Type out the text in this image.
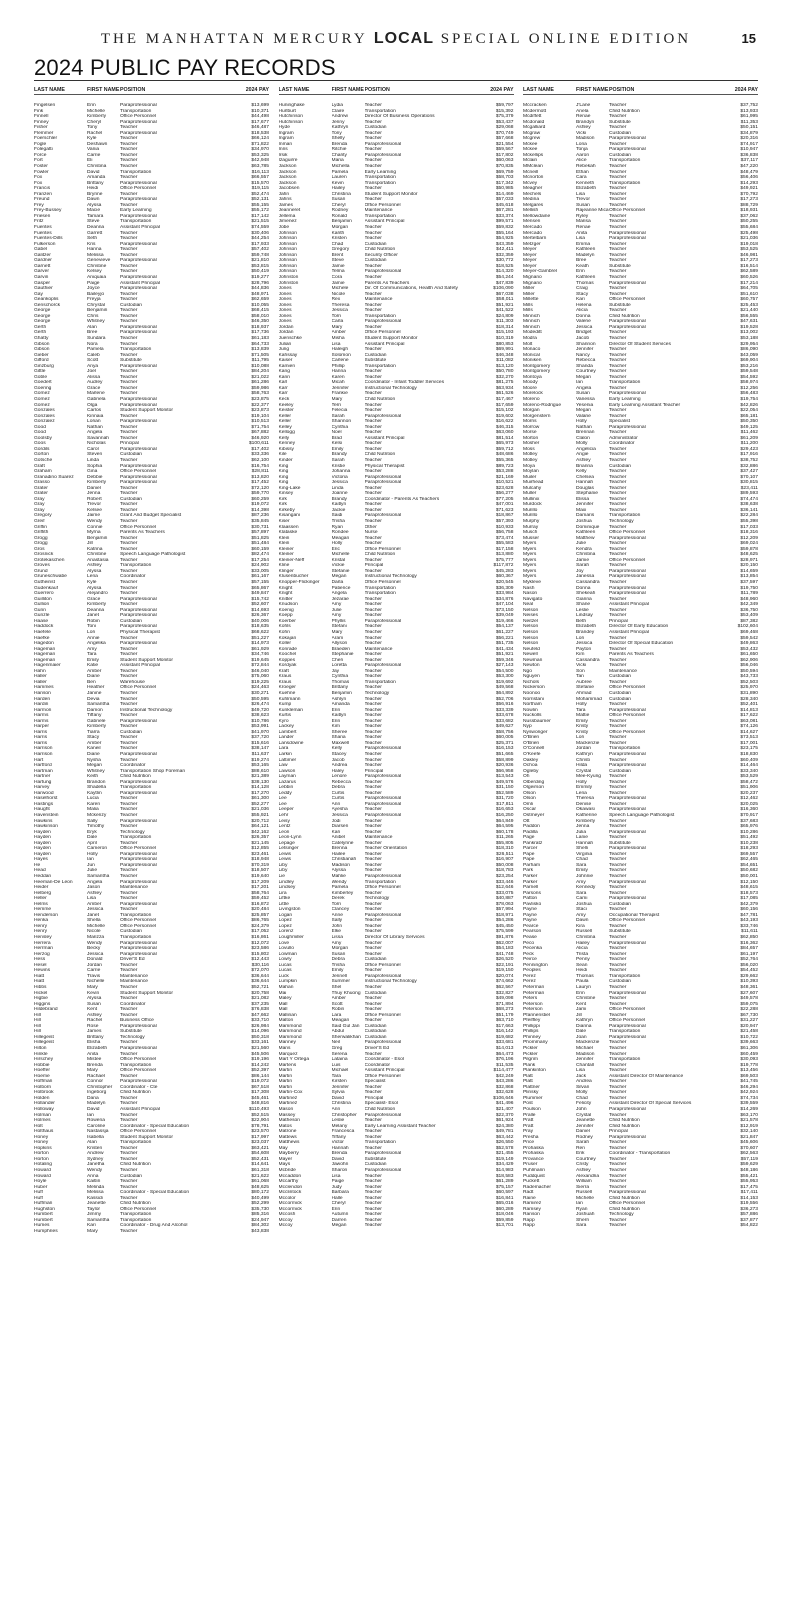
THE MANHATTAN MERCURY LOCAL SPECIAL ONLINE EDITION	15
2024 PUBLIC PAY RECORDS
LAST NAME	FIRST NAME POSITION	2024 PAY
Fingelsen	Erin	Paraprofessional	$13,699
Fink	Michelle	Transportation	$10,371
Finnell	Kimberly	Office Personnel	$44,498
Finney	Cheryl	Paraprofessional	$17,677
Fisher	Tony	Teacher	$46,487
Flemmer	Rachel	Paraprofessional	$18,538
Foerschler	Kyle	Teacher	$66,124
Fogle	Deshawn	Teacher	$71,822
Folegatti	Vania	Teacher	$34,970
Force	Carrie	Teacher	$53,325
Fort	Eli	Teacher	$42,948
Foster	Christina	Teacher	$63,785
Fowler	David	Transportation	$16,113
Fox	Amanda	Teacher	$66,557
Fox	Brittany	Paraprofessional	$15,570
Francis	Heidi	Office Personnel	$19,115
Franzen	Brynne	Teacher	$52,474
Freund	Dawn	Paraprofessional	$52,131
Frey	Alyssa	Teacher	$55,155
Frey-Bussey	Macie	Early Learning	$55,172
Friesen	Tamara	Paraprofessional	$17,142
Fritz	Steve	Transportation	$21,515
Fuentes	Deanna	Assistant Principal	$74,559
Fuentes	Garrett	Teacher	$30,406
Fuentes-Dills	Seth	Teacher	$44,254
Fulkerson	Kris	Paraprofessional	$17,933
Gabel	Hanna	Teacher	$57,402
Galitzer	Melissa	Teacher	$59,748
Gardner	Genevieve	Paraprofessional	$21,810
Garnett	Christine	Teacher	$53,815
Garver	Kelsey	Teacher	$50,419
Garvin	Aniquaia	Paraprofessional	$19,277
Gasper	Paige	Assistant Principal	$28,796
Gauthier	Joyce	Paraprofessional	$44,836
Gay	Baileyjo	Teacher	$48,971
Geankoplis	Freyja	Teacher	$62,659
Genschorck	Chrystal	Custodian	$10,055
George	Benjamin	Teacher	$68,415
George	Chris	Teacher	$58,010
George	Whitney	Teacher	$46,350
Gerth	Alan	Paraprofessional	$18,937
Gerth	Bree	Paraprofessional	$17,736
Ghatty	Sundara	Teacher	$61,183
Gibson	Nora	Teacher	$64,733
Gibson	Pamela	Transportation	$13,839
Gieber	Caleb	Teacher	$71,505
Gifford	Scott	Substitute	$11,795
Ginzburg	Anya	Paraprofessional	$10,088
Gittle	Joel	Teacher	$84,204
Goble	Alissa	Teacher	$21,022
Goedert	Audrey	Teacher	$61,286
Goering	Grace	Teacher	$59,986
Gomez	Marlene	Teacher	$58,763
Gomez	Gabriela	Paraprofessional	$23,875
Gomez	Olga	Paraprofessional	$22,377
Gonzales	Carlos	Student Support Monitor	$23,873
Gonzales	Kinnaia	Teacher	$19,104
Gonzalez	Lorian	Paraprofessional	$10,513
Good	Nathan	Teacher	$71,754
Good	Angela	Teacher	$67,882
Goolsby	Savannah	Teacher	$46,920
Goos	Nicholas	Principal	$100,611
Gordils	Carol	Paraprofessional	$17,402
Gorton	Steven	Custodian	$33,336
Gotsche	Linda	Teacher	$62,100
Graft	Sophia	Paraprofessional	$16,754
Graham	Gina	Office Personnel	$28,811
Granadino Suarez	Debbie	Paraprofessional	$13,820
Grasso	Kimberly	Paraprofessional	$17,452
Grater	Daniel	Teacher	$72,120
Grater	Jenna	Teacher	$59,770
Gray	Robert	Custodian	$60,259
Gray	Trevor	Teacher	$19,072
Gray	Kelsee	Teacher	$14,398
Gregory	Jaime	Grant And Budget Specialist	$87,236
Greif	Wendy	Teacher	$35,845
Griffin	Connie	Office Personnel	$30,731
Griffith	Myrna	Parents As Teachers	$57,897
Grogg	Benjamin	Teacher	$51,825
Grogg	Jill	Teacher	$51,484
Gros	Katrina	Teacher	$60,159
Grosnick	Christine	Speech Language Pathologist	$82,474
Grotekaschen	Anastasia	Teacher	$17,254
Groves	Ashley	Transportation	$24,902
Grund	Alyssa	Teacher	$33,005
Gruneschwabe	Lena	Coordinator	$61,167
Gutheinst	Kyle	Teacher	$57,155
Gudenkauf	Alyssa	Teacher	$65,867
Guerrero	Alejandro	Teacher	$49,847
Guilliton	Grace	Paraprofessional	$15,742
Gullion	Kimberly	Teacher	$52,607
Gunn	Deanna	Paraprofessional	$14,693
Gunzle	Janet	Paraprofessional	$26,367
Haase	Robin	Custodian	$40,006
Haddock	Toni	Paraprofessional	$18,635
Haefele	Lori	Physical Therapist	$68,622
Haefke	Annie	Teacher	$51,227
Hagedon	Angelika	Paraprofessional	$14,973
Hageman	Amy	Teacher	$61,929
Hageman	Tara	Teacher	$34,746
Hageman	Emily	Student Support Monitor	$19,645
Hagenmaier	Katie	Assistant Principal	$72,844
Hahn	Amber	Teacher	$46,040
Haller	Diane	Teacher	$75,060
Haller	Ben	Warehouse	$19,225
Hammes	Heather	Office Personnel	$24,463
Hanson	Janine	Teacher	$30,271
Harden	Devia	Teacher	$50,595
Hardin	Samantha	Teacher	$26,474
Harmon	Damon	Instructional Technology	$49,720
Harms	Tiffany	Teacher	$38,623
Harms	Gabriele	Paraprofessional	$10,786
Harper	Kimberly	Teacher	$53,991
Harris	Tiarra	Custodian	$41,970
Harris	Stacy	Teacher	$37,720
Harris	Amber	Teacher	$15,616
Harrison	Kaneil	Teacher	$38,147
Harrison	Diane	Paraprofessional	$11,637
Hart	Nysha	Teacher	$19,274
Hartford	Megan	Coordinator	$53,165
Hartman	Whitney	Transportation Shop Foreman	$88,610
Hartner	Keith	Child Nutrition	$21,389
Hartung	Brandon	Paraprofessional	$38,130
Harvey	Shadella	Transportation	$14,128
Harwood	Kaytlin	Paraprofessional	$17,270
Haselhorst	Lucia	Teacher	$61,300
Hastings	Karen	Teacher	$52,277
Haught	Malia	Teacher	$21,036
Havenstein	Mckenzy	Teacher	$55,921
Hawkins	Sally	Paraprofessional	$20,712
Hawkinson	Timothy	Teacher	$64,121
Hayden	Eryk	Technology	$42,162
Hayden	Dale	Transportation	$26,357
Hayden	April	Teacher	$21,145
Hayden	Cameron	Office Personnel	$12,855
Hayden	Holly	Paraprofessional	$23,461
Hayes	Ian	Paraprofessional	$18,948
He	Jun	Paraprofessional	$70,319
Head	Julie	Teacher	$18,507
Heddan	Samantha	Teacher	$19,640
Heeman-De Leon	Angela	Paraprofessional	$17,209
Heider	Jason	Maintenance	$17,201
Helberg	Ashley	Teacher	$58,764
Heller	Lisa	Teacher	$59,452
Helms	Amber	Paraprofessional	$16,872
Hemme	Jessica	Teacher	$20,484
Henderson	Janet	Transportation	$25,857
Henka	Shella	Office Personnel	$86,765
Henry	Michelle	Office Personnel	$24,379
Henry	Nicole	Custodian	$17,052
Hensley	Marizza	Transportation	$16,861
Herrera	Wendy	Paraprofessional	$12,072
Herrman	Becky	Paraprofessional	$23,586
Herzog	Jessica	Paraprofessional	$15,802
Hess	Donald	Driver'S Ed	$12,443
Hesel	Jordan	Teacher	$30,116
Hewins	Carrie	Teacher	$72,070
Hiatt	Travis	Maintenance	$36,644
Hiatt	Nichelle	Maintenance	$36,644
Hibbs	Mary	Teacher	$52,721
Hickel	Kevin	Student Support Monitor	$20,758
Higbie	Alyssa	Teacher	$21,082
Higgins	Susan	Coordinator	$37,235
Hildebrand	Kent	Teacher	$76,838
Hill	Ashley	Teacher	$47,662
Hill	Rachel	Business Office	$33,710
Hill	Rose	Paraprofessional	$26,984
Hill	James	Substitute	$14,096
Hillegeist	Brittany	Technology	$50,318
Hillegeist	Elisha	Teacher	$33,161
Hilton	Elizabeth	Paraprofessional	$21,560
Hinkle	Anita	Teacher	$45,506
Hirschey	Mistee	Office Personnel	$19,196
Hobbie	Brenda	Transportation	$14,242
Hoeffer	Mary	Office Personnel	$52,397
Hoeme	Rachael	Teacher	$86,144
Hoffman	Connor	Paraprofessional	$19,072
Holborn	Christopher	Coordinator - Cte	$67,518
Holbrook	Ingeborg	Child Nutrition	$17,308
Holden	Dana	Teacher	$45,461
Hollander	Madelyn	Teacher	$48,816
Holloway	David	Assistant Principal	$110,493
Holman	Ian	Teacher	$52,515
Holmes	Rowena	Teacher	$22,904
Holt	Caroline	Coordinator - Special Education	$78,791
Holthaus	Nastassja	Office Personnel	$23,570
Honey	Isabella	Student Support Monitor	$17,997
Honey	Alan	Transportation	$23,037
Hopkins	Kristen	Teacher	$63,421
Horton	Andrew	Teacher	$54,608
Horton	Sydney	Teacher	$52,431
Hotaling	Janetha	Child Nutrition	$14,641
Howard	Wendy	Teacher	$61,318
Howard	Anna	Custodian	$21,622
Hoyle	Kaitlin	Teacher	$61,068
Huber	Melinda	Teacher	$48,625
Huff	Melissa	Coordinator - Special Education	$80,172
Huff	Kassidi	Teacher	$40,499
Huffman	Jeanette	Child Nutrition	$52,299
Hughston	Taylor	Office Personnel	$35,730
Humbert	Jimmy	Transportation	$85,316
Humbert	Samantha	Transportation	$24,947
Humes	Kari	Coordinator - Drug And Alcohol	$84,302
Humphries	Mary	Teacher	$43,838
LAST NAME	FIRST NAME POSITION	2024 PAY
Huninghake	Lydia	Teacher	$59,797
Hurlburt	Claire	Transportation	$15,392
Hutchinson	Andrew	Director Of Business Operations	$75,379
Hutchinson	Jenny	Teacher	$53,437
Hyde	Kathryn	Custodian	$29,068
Ingram	Tony	Teacher	$70,749
Ingram	Shelly	Teacher	$57,668
Inman	Brenda	Paraprofessional	$21,554
Inns	Ritchie	Teacher	$59,567
Irsik	Charity	Paraprofessional	$17,802
Izaguirre	Maria	Teacher	$60,063
Jackson	Michella	Teacher	$70,835
Jackson	Pamela	Early Learning	$69,759
Jackson	Lauren	Transportation	$58,703
Jackson	Kevin	Transportation	$17,342
Jacobsen	Hailey	Teacher	$50,985
Jahn	Christina	Student Support Monitor	$14,469
Jahns	Susan	Teacher	$57,033
James	Cheryl	Office Personnel	$45,618
Jeanneret	Rodney	Maintenance	$67,281
Jellema	Ronald	Transportation	$33,374
Jimenez	Benjamin	Assistant Principal	$99,571
Jobe	Morgan	Teacher	$59,832
Johnson	Karith	Teacher	$55,164
Johnson	Kristen	Teacher	$54,925
Johnson	Chad	Custodian	$43,359
Johnson	Gregory	Child Nutrition	$42,411
Johnson	Brent	Security Officer	$32,359
Johnson	Steve	Custodian	$30,772
Johnson	Jamie	Teacher	$18,525
Johnson	Telma	Paraprofessional	$14,320
Johnston	Cora	Teacher	$54,244
Johnston	Jamie	Parents As Teachers	$47,839
Jones	Michele	Dir. Of Communications, Health And Safety	$106,090
Jones	Nicole	Teacher	$67,038
Jones	Rex	Maintenance	$58,011
Jones	Theresa	Teacher	$51,921
Jones	Jessica	Teacher	$41,522
Jones	Torri	Transportation	$24,809
Jones	Carla	Paraprofessional	$11,303
Jordan	Mary	Teacher	$18,314
Jordan	Amber	Office Personnel	$15,193
Juenschke	Misha	Student Support Monitor	$10,319
Julian	Lisa	Assistant Principal	$80,853
Jung	Haleigh	Teacher	$69,991
Kahssay	Solomon	Custodian	$46,348
Kaiser	Carlene	Substitute	$11,082
Kamien	Phillip	Transportation	$13,120
Kang	Hanna	Teacher	$50,780
Kann	Karen	Teacher	$32,270
Karl	Micah	Coordinator - Infant Toddler Services	$81,275
Karr	Jennifer	Instructional Technology	$63,934
Karr	Frankie	Teacher	$61,526
Keck	Mary	Child Nutrition	$17,467
Keeley	Terri	Teacher	$17,659
Keister	Felecia	Teacher	$15,102
Keller	Sarah	Paraprofessional	$19,602
Keller	Shannon	Teacher	$16,622
Kelley	Cynthia	Teacher	$46,315
Kellogg	Noel	Teacher	$63,060
Kelly	Brad	Assistant Principal	$81,514
Kenney	Kelsi	Teacher	$65,973
Kibissy	Emily	Teacher	$59,712
Kile	Brandy	Child Nutrition	$48,686
Kinder	Sarah	Teacher	$55,365
King	Kristie	Physical Therapist	$89,723
King	Johanna	Teacher	$53,288
King	Victoria	Paraprofessional	$21,169
King	Jessica	Paraprofessional	$10,521
King-Lake	Linda	Teacher	$23,628
Kinsey	Joanne	Teacher	$56,277
Kirk	Brandy	Coordinator - Parents As Teachers	$77,205
Kirk	Kaitlyn	Teacher	$47,001
Kirkeby	Jackie	Teacher	$71,623
Kisangani	Saidi	Paraprofessional	$18,867
Kiser	Trisha	Teacher	$57,393
Klaassen	Ryan	Other	$10,933
Klataske	Rondee	Nurse	$56,758
Klein	Meagan	Teacher	$73,474
Klein	Holly	Teacher	$55,583
Kleiner	Eric	Office Personnel	$17,158
Kleiner	Michelle	Child Nutrition	$13,880
Kleiner-Neff	Kristal	Teacher	$75,777
Kline	Vickie	Principal	$117,872
Klinger	Stefanie	Teacher	$45,283
Klusenbucher	Megan	Instructional Technology	$60,367
Knopper-Flickinger	Darla	Office Personnel	$20,545
Knight	Patience	Transportation	$36,309
Knight	Angela	Transportation	$33,984
Knitter	Jezarae	Teacher	$34,876
Knudson	Amy	Teacher	$47,104
Koenig	Julie	Teacher	$73,150
Koepp	Amy	Teacher	$39,049
Koerber	Phyllis	Paraprofessional	$19,466
Kohls	Stefani	Teacher	$54,137
Kohn	Mary	Teacher	$61,227
Kokajan	Aram	Teacher	$56,221
Koller	Allyson	Teacher	$51,735
Konrade	Braeden	Maintenance	$41,434
Koochel	Stephanie	Teacher	$51,921
Koppes	Cheri	Teacher	$59,346
Kordyak	Loretta	Paraprofessional	$27,143
Kraft	Jay	Teacher	$54,500
Kraus	Cynthia	Teacher	$53,300
Kraus	Thomas	Transportation	$19,692
Kroeger	Brittany	Teacher	$49,568
Kuehne	Benjamin	Technology	$64,892
Kuhlmann	Ashlyn	Teacher	$52,706
Kump	Amanda	Teacher	$56,916
Kunkleman	Erin	Teacher	$33,339
Kurtis	Kaitlyn	Teacher	$33,678
Kyro	Erin	Teacher	$33,682
Lackey	Kim	Teacher	$49,627
Lambert	Sheree	Teacher	$58,756
Lander	Shana	Teacher	$60,005
Lansdowne	Maxwell	Teacher	$25,371
Lara	Kelly	Paraprofessional	$16,153
Larkin	Stacey	Teacher	$51,665
Lattimer	Jacob	Teacher	$58,899
Law	Andrea	Teacher	$20,936
Lawson	Haley	Principal	$66,958
Layman	Lenore	Paraprofessional	$13,543
Lazarus	Rebecca	Teacher	$49,576
Lebbin	Debra	Teacher	$31,150
Leddy	Curtis	Teacher	$52,589
Lee	Curtis	Paraprofessional	$31,720
Lee	Ann	Paraprofessional	$17,811
Leeper	Ayesha	Teacher	$16,653
Lehr	Jessica	Paraprofessional	$16,250
Leisy	Jodi	Teacher	$64,849
Lentz	Diarsen	Teacher	$64,595
Leon	Kari	Teacher	$60,178
Leon-Lynn	Anibel	Maintenance	$11,265
Lepage	Catelynne	Teacher	$55,805
Letsinger	Brenna	Teacher Orientation	$18,310
Lewis	Hailee	Teacher	$26,511
Lewis	Christianah	Teacher	$16,907
Liby	Madison	Teacher	$50,008
Liby	Alyssa	Teacher	$18,783
Lie	Mahlie	Paraprofessional	$23,254
Lindley	Wendy	Transportation	$33,446
Lindsey	Pamela	Office Personnel	$12,646
Lira	Kimberley	Teacher	$33,075
Liftke	Derek	Technology	$40,887
Little	Torri	Teacher	$78,063
Livingston	Clancey	Teacher	$57,994
Logan	Anne	Paraprofessional	$18,971
Lopez	Sally	Teacher	$54,286
Lopez	John	Teacher	$45,450
Lorenz	Elke	Teacher	$75,599
Loughmiller	Lissa	Director Of Library Services	$91,876
Love	Amy	Teacher	$62,007
Lovullo	Morgan	Teacher	$54,183
Lowman	Susan	Teacher	$41,748
Lowry	Debra	Custodian	$26,520
Lucas	Trisha	Office Personnel	$22,191
Lucas	Emily	Teacher	$19,150
Luck	Jennell	Paraprofessional	$20,074
Lumpkin	Summer	Instructional Technology	$74,662
Mahan	Shel	Teacher	$62,567
Mai	Thuy Khuong Custodian	$32,827
Maley	Amber	Teacher	$49,098
Mall	Scott	Teacher	$71,894
Mall	Robin	Teacher	$68,273
Mallinan	Lara	Office Personnel	$51,179
Malton	Meagan	Teacher	$63,710
Mammond	Said Gul Jan	Custodian	$17,663
Mammond	Abdul	Custodian	$16,142
Mammond	Sherwalikhan Custodian	$19,682
Manney	Neil	Paraprofessional	$33,681
Mans	Greg	Driver'S Ed	$14,013
Marquez	Serena	Teacher	$64,473
Mart Y Ortega	Lataina	Coordinator - Esol	$76,196
Martens	Luis	Coordinator	$11,535
Martin	Michael	Assistant Principal	$114,477
Martin	Tara	Office Personnel	$42,249
Martin	Kirsten	Specialist	$43,286
Martin	Jennifer	Teacher	$32,868
Martin-Cox	Sylvia	Teacher	$32,628
Martinez	David	Principal	$106,646
Martinez	Christina	Specialist- Esol	$41,496
Mason	Ann	Child Nutrition	$21,407
Massey	Christopher	Paraprofessional	$22,370
Matheson	Leslie	Teacher	$61,924
Matos	Melany	Early Learning Assistant Teacher	$24,380
Matrone	Francesca	Teacher	$49,781
Mattews	Tiffany	Teacher	$63,442
Matthews	Victor	Transportation	$26,550
May	Hannah	Teacher	$52,578
Mayberry	Brenda	Paraprofessional	$21,455
Mayer	David	Substitute	$19,149
Mays	Jawohn	Custodian	$34,429
Mcbride	Sharon	Paraprofessional	$14,983
Mccaddon	Lisa	Teacher	$18,583
Mccarthy	Paige	Teacher	$61,289
Mcclendon	Judy	Teacher	$75,157
Mcclintock	Barbara	Teacher	$60,597
Mccolor	Halle	Teacher	$16,841
Mccormick	Cheryl	Teacher	$65,016
Mccormick	Erin	Teacher	$60,289
Mccosh	Autumn	Teacher	$18,046
Mccoy	Darren	Teacher	$59,859
Mccoy	Megan	Teacher	$13,701
LAST NAME	FIRST NAME POSITION	2024 PAY
Mccracken	J'Lane	Teacher	$37,752
Mcdermott	Anela	Child Nutrition	$13,933
Mcdiffett	Renae	Teacher	$61,995
Mcdonald	Brandyn	Substitute	$11,353
Mcgalliard	Ashley	Teacher	$50,151
Mcgraw	Vicki	Custodian	$34,879
Mcgrew	Madison	Paraprofessional	$20,316
Mckee	Lona	Teacher	$74,917
Mckee	Tonja	Paraprofessional	$10,947
Mckellips	Aaron	Custodian	$36,838
Mclain	Alice	Transportation	$37,117
MMclean	Rebekah	Teacher	$47,220
Mcneill	Ethan	Teacher	$48,479
Mcnorton	Cara	Teacher	$56,406
Mcvey	Kenneth	Transportation	$14,293
Meagher	Elizabeth	Teacher	$49,921
Mechels	Lisa	Teacher	$70,792
Medina	Trevor	Teacher	$17,273
Melgares	Susan	Teacher	$88,729
Mellish	Rajeanne Mica Office Personnel	$18,931
Mellowdaine	Ryley	Teacher	$37,062
Mensen	Marisa	Teacher	$50,255
Mercado	Renae	Teacher	$55,684
Mercado	Anita	Paraprofessional	$25,498
Mertelbarn	Lisa	Paraprofessional	$21,036
Metzger	Emma	Teacher	$19,018
Meyer	Kathleen	Teacher	$53,525
Meyer	Madelyn	Teacher	$46,981
Meyer	Bree	Teacher	$17,273
Meyer	Keath	Substitute	$16,514
Meyer-Gambrel	Erin	Teacher	$62,589
Mignano	Kathleen	Teacher	$60,526
Mignano	Thomas	Paraprofessional	$17,214
Miller	Craig	Teacher	$64,705
Miller	Stacy	Teacher	$51,610
Millette	Kari	Office Personnel	$60,757
Mills	Helena	Substitute	$25,453
Mills	Alicia	Teacher	$21,440
Minnich	Donna	Child Nutrition	$56,555
Minnich	Valerie	Paraprofessional	$47,631
Minnich	Jessica	Paraprofessional	$19,528
Modeditt	Bridget	Teacher	$13,002
Modra	Jacob	Teacher	$53,188
Molt	Shannon	Director Of Student Services	$29,954
Monaco	Jennifer	Teacher	$86,090
Monical	Nancy	Teacher	$43,059
Moniken	Rebecca	Teacher	$69,904
Montgomery	Shanda	Teacher	$53,216
Montgomery	Courtney	Teacher	$59,548
Montoya	Megan	Teacher	$54,592
Moody	Ian	Transportation	$58,974
Moore	Angela	Teacher	$12,256
Morelock	Susan	Paraprofessional	$56,483
Moreno	Vanessa	Early Learning	$19,754
Moreno-Rodrigue	Yesenia	Early Learning Assistant Teacher	$42,826
Morgan	Megan	Teacher	$22,054
Morgenstern	Valarie	Teacher	$65,181
Morris	Holly	Specialist	$50,350
Morrow	Nathan	Paraprofessional	$49,125
Morse	Brennan	Teacher	$11,462
Morton	Clalon	Administrator	$61,209
Mosher	Molly	Coordinator	$11,200
Moss	Angelicia	Teacher	$29,423
Motley	Angie	Teacher	$17,916
Motley	Ashley	Teacher	$38,752
Moya	Brianna	Custodian	$32,886
Moylan	Kelly	Teacher	$37,427
Muiler	Chelsea	Teacher	$70,107
Muirhead	Hannah	Teacher	$30,815
Mulcahy	Douglas	Teacher	$23,411
Muller	Stephanie	Teacher	$89,593
Mullinix	Elissa	Teacher	$74,474
Murdock	Jennifer	Teacher	$38,638
Murillo	Maxi	Teacher	$36,141
Murillo	Damaris	Transportation	$22,284
Murphy	Joshua	Technology	$55,398
Murray	Dominique	Teacher	$17,033
Musch	Kathleen	Office Personnel	$18,316
Musser	Matthew	Paraprofessional	$12,209
Myers	Julie	Teacher	$69,024
Myers	Kendra	Teacher	$59,878
Myers	Christina	Teacher	$48,625
Myers	Jamie	Office Personnel	$28,971
Myers	Sarah	Teacher	$20,150
Myers	Joy	Paraprofessional	$14,659
Myers	Janessa	Paraprofessional	$13,854
Mykleve	Cassandra	Teacher	$37,597
Nash	Donna	Paraprofessional	$19,750
Nason	Shekeah	Paraprofessional	$11,789
Navigato	Gianna	Teacher	$48,960
Neal	Shane	Assistant Principal	$42,349
Nelson	Leslie	Teacher	$36,750
Neises	Lindsay	Teacher	$53,409
Neitzel	Beth	Principal	$87,382
Nelson	Elizabeth	Director Of Early Education	$102,604
Nelson	Brandey	Assistant Principal	$69,468
Nelson	Lori	Teacher	$59,542
Nelson	Jessica	Director Of Special Education	$49,863
Neufeld	Payton	Teacher	$53,432
Newell	Kim	Parents As Teachers	$61,650
Newman	Cassandra	Teacher	$62,906
Newton	Vicki	Teacher	$56,046
Ngo	Son	Maintenance	$50,594
Nguyen	Tan	Custodian	$43,733
Nichols	Aubree	Teacher	$52,503
Nickerson	Stefanie	Office Personnel	$25,970
Noonoo	Ahmad	Custodian	$31,890
Norristani	Mohammad	Custodian	$28,340
Northam	Holly	Teacher	$52,401
Nowlin	Tara	Paraprofessional	$14,813
Nuckolls	Mattie	Office Personnel	$17,622
Nussbaumer	Emily	Teacher	$63,081
Nyp	Kristy	Teacher	$74,126
Nyswonger	Kristy	Office Personnel	$14,627
O'Brien	Lori	Teacher	$73,513
O'Brien	Mackenzie	Teacher	$17,001
O'Connell	Jordan	Transportation	$23,175
O'Keefe	Kathryn	Paraprofessional	$18,830
Oakley	Christi	Teacher	$60,409
Ochoa	Hilda	Paraprofessional	$14,464
Ogleby	Crystal	Custodian	$33,340
Oh	Mee-Kyung	Teacher	$53,529
Olberding	Holly	Teacher	$58,472
Olgeirson	Emmily	Teacher	$51,906
Olson	Lena	Teacher	$20,237
Olson	Theresa	Paraprofessional	$12,462
Omli	Denise	Teacher	$20,025
Oscar	Okawasi	Paraprofessional	$16,360
Ostmeyer	Katherine	Speech Language Pathologist	$70,917
Ott	Kimberly	Teacher	$37,683
Paddon	Jenna	Teacher	$65,976
Padilla	Julia	Paraprofessional	$10,286
Page	Lanie	Teacher	$51,492
Pankratz	Hannah	Substitute	$10,238
Parcer	Shelli	Paraprofessional	$18,293
Pape	Virginia	Teacher	$69,557
Pape	Chad	Teacher	$62,465
Parham	Sara	Teacher	$54,651
Park	Emily	Teacher	$50,682
Parker	Johnnie	Teacher	$50,001
Parker	Amy	Paraprofessional	$12,150
Parnell	Kennedy	Teacher	$48,615
Parsons	Sara	Teacher	$18,573
Patton	Cami	Paraprofessional	$17,085
Pavlisko	Joshua	Custodian	$42,379
Payne	Staci	Teacher	$60,156
Payne	Amy	Occupational Therapist	$47,781
Payne	Dawn	Office Personnel	$43,193
Pearce	Kira	Teacher	$33,746
Pearson	Russell	Substitute	$11,611
Pease	Christina	Teacher	$62,850
Peco	Hailey	Paraprofessional	$16,362
Pecenka	Alicia	Teacher	$84,657
Peck	Trista	Teacher	$61,197
Peirce	Penny	Teacher	$52,764
Pennington	Sean	Teacher	$56,020
Peoples	Heidi	Teacher	$54,452
Perez	Thomas	Transportation	$29,662
Perez	Paula	Custodian	$10,393
Peterman	Lauryn	Teacher	$48,361
Peterman	Erin	Paraprofessional	$27,607
Peters	Christine	Teacher	$49,578
Peterson	Kent	Teacher	$59,075
Peterson	Jami	Office Personnel	$22,288
Pfannenstiel	Jill	Teacher	$67,730
Pfeiffley	Kathryn	Office Personnel	$31,227
Phillippi	Dianna	Paraprofessional	$20,947
Phillips	Dale	Transportation	$21,458
Phinney	Joan	Paraprofessional	$10,722
Phommany	Mackenzie	Teacher	$39,663
Pickler	Michael	Teacher	$61,306
Pickler	Madison	Teacher	$60,459
Pilgrim	Jennifer	Transportation	$30,093
Plank	Chantall	Teacher	$19,778
Plankinton	Lisa	Teacher	$13,456
Platt	Jack	Assistant Director Of Maintenance	$69,503
Platt	Andrea	Teacher	$41,745
Plattner	Silvan	Teacher	$46,294
Plinsky	Molly	Teacher	$42,924
Plummer	Chad	Teacher	$74,734
Post	Felicity	Assistant Director Of Special Services	$39,559
Poulson	John	Paraprofessional	$14,269
Pralle	Crystal	Teacher	$63,170
Pratt	Jeanette	Child Nutrition	$21,578
Pratt	Jennifer	Child Nutrition	$12,919
Pray	Daniel	Principal	$32,140
Presha	Rodney	Paraprofessional	$21,847
Price	Sarah	Teacher	$45,606
Prohaska	Ren	Teacher	$70,607
Prohaska	Erik	Coordinator - Transportation	$62,563
Provance	Courtney	Teacher	$57,119
Pruser	Cristy	Teacher	$59,629
Puhlmann	Ashley	Teacher	$48,186
Puddquist	Alexandria	Teacher	$55,421
Puckett	William	Teacher	$55,953
Rademacher	Sierra	Teacher	$17,475
Radt	Russell	Paraprofessional	$17,411
Raine	Michelle	Child Nutrition	$14,153
Ramirez	Ian	Office Personnel	$19,556
Ramsey	Ryan	Child Nutrition	$36,273
Ranson	Joshuah	Technology	$57,886
Rapp	Sherri	Teacher	$37,877
Rapp	Sara	Teacher	$54,822
